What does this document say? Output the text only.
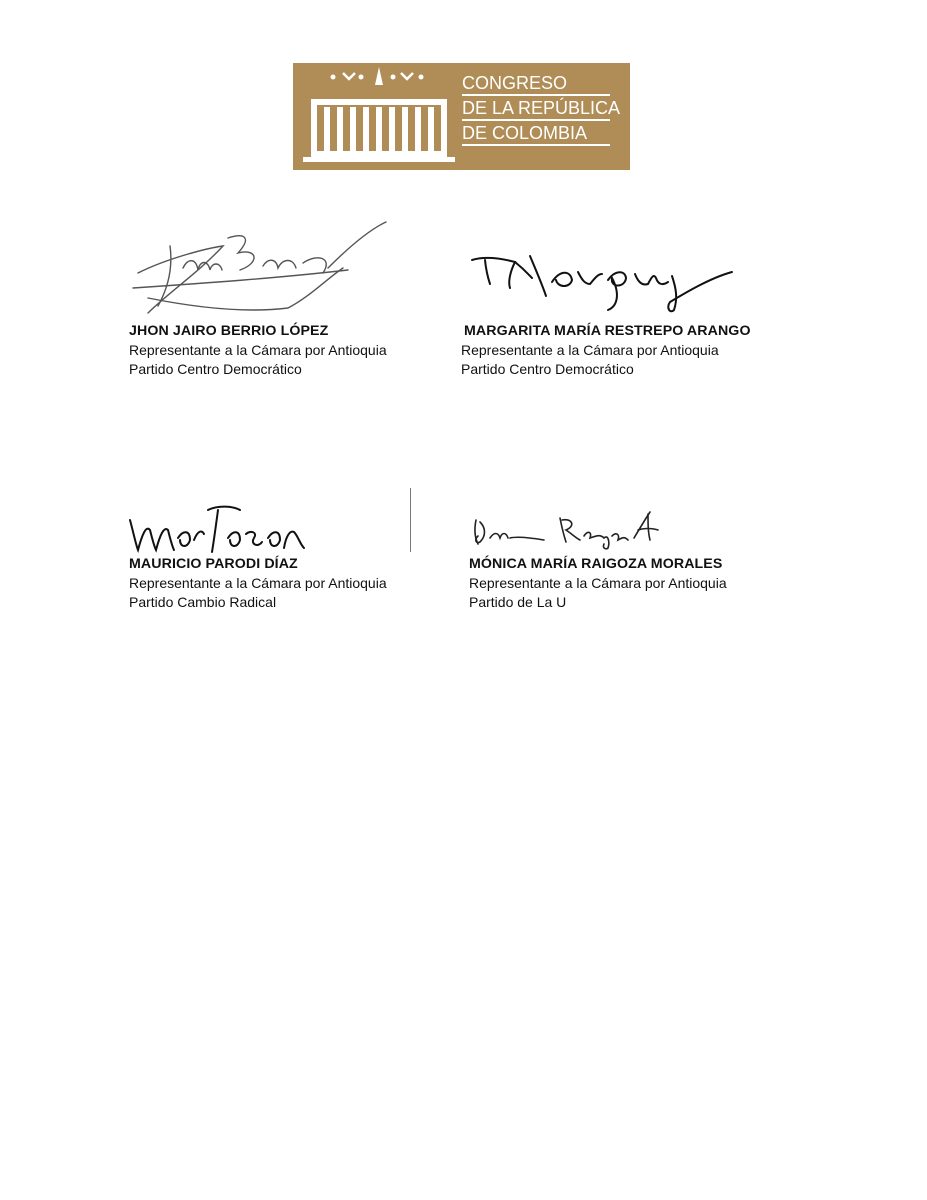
CONGRESO
DE LA REPÚBLICA
DE COLOMBIA
JHON JAIRO BERRIO LÓPEZ
Representante a la Cámara por Antioquia
Partido Centro Democrático
MARGARITA MARÍA RESTREPO ARANGO
Representante a la Cámara por Antioquia
Partido Centro Democrático
MAURICIO PARODI DÍAZ
Representante a la Cámara por Antioquia
Partido Cambio Radical
MÓNICA MARÍA RAIGOZA MORALES
Representante a la Cámara por Antioquia
Partido de La U
